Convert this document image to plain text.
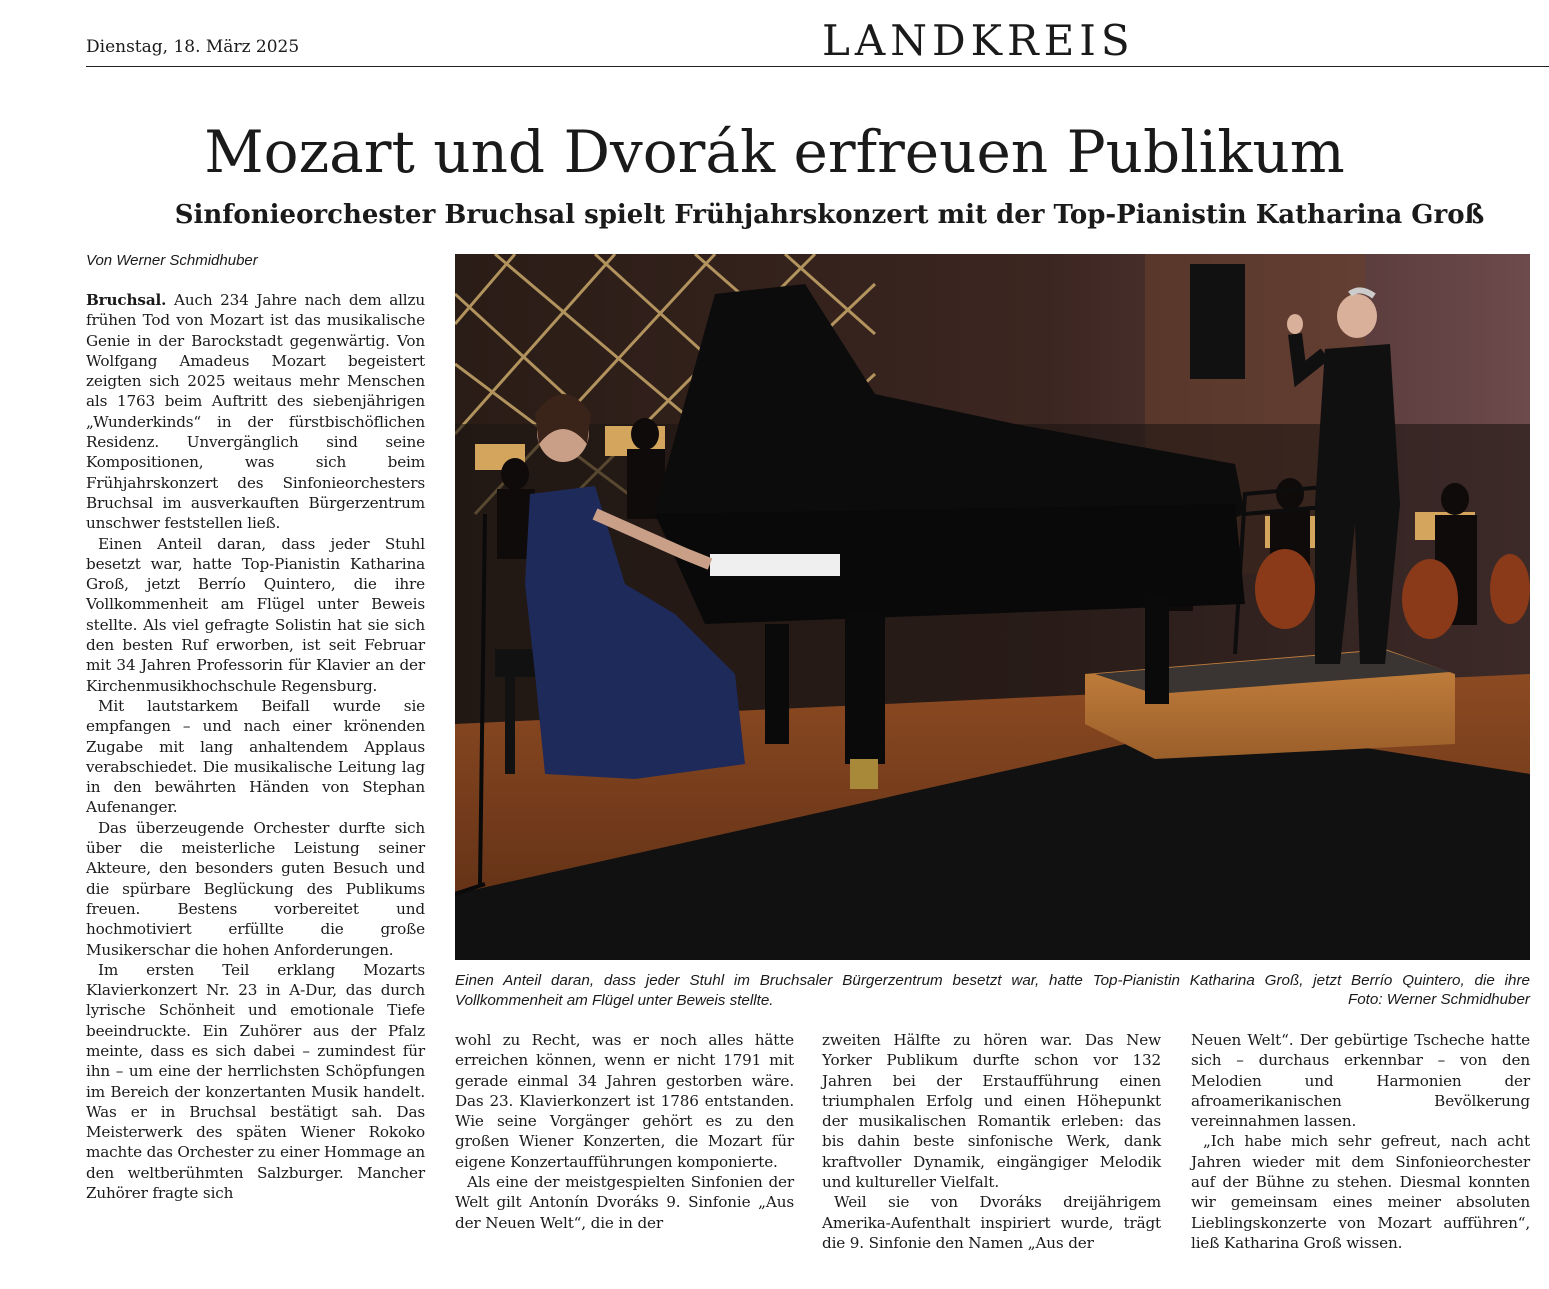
Dienstag, 18. März 2025	LANDKREIS
Mozart und Dvorák erfreuen Publikum
Sinfonieorchester Bruchsal spielt Frühjahrskonzert mit der Top-Pianistin Katharina Groß
Von Werner Schmidhuber

Bruchsal. Auch 234 Jahre nach dem allzu frühen Tod von Mozart ist das musikalische Genie in der Barockstadt gegenwärtig. Von Wolfgang Amadeus Mozart begeistert zeigten sich 2025 weitaus mehr Menschen als 1763 beim Auftritt des siebenjährigen „Wunderkinds“ in der fürstbischöflichen Residenz. Unvergänglich sind seine Kompositionen, was sich beim Frühjahrskonzert des Sinfonieorchesters Bruchsal im ausverkauften Bürgerzentrum unschwer feststellen ließ.

Einen Anteil daran, dass jeder Stuhl besetzt war, hatte Top-Pianistin Katharina Groß, jetzt Berrío Quintero, die ihre Vollkommenheit am Flügel unter Beweis stellte. Als viel gefragte Solistin hat sie sich den besten Ruf erworben, ist seit Februar mit 34 Jahren Professorin für Klavier an der Kirchenmusikhochschule Regensburg.

Mit lautstarkem Beifall wurde sie empfangen – und nach einer krönenden Zugabe mit lang anhaltendem Applaus verabschiedet. Die musikalische Leitung lag in den bewährten Händen von Stephan Aufenanger.

Das überzeugende Orchester durfte sich über die meisterliche Leistung seiner Akteure, den besonders guten Besuch und die spürbare Beglückung des Publikums freuen. Bestens vorbereitet und hochmotiviert erfüllte die große Musikerschar die hohen Anforderungen.

Im ersten Teil erklang Mozarts Klavierkonzert Nr. 23 in A-Dur, das durch lyrische Schönheit und emotionale Tiefe beeindruckte. Ein Zuhörer aus der Pfalz meinte, dass es sich dabei – zumindest für ihn – um eine der herrlichsten Schöpfungen im Bereich der konzertanten Musik handelt. Was er in Bruchsal bestätigt sah. Das Meisterwerk des späten Wiener Rokoko machte das Orchester zu einer Hommage an den weltberühmten Salzburger. Mancher Zuhörer fragte sich

Einen Anteil daran, dass jeder Stuhl im Bruchsaler Bürgerzentrum besetzt war, hatte Top-Pianistin Katharina Groß, jetzt Berrío Quintero, die ihre Vollkommenheit am Flügel unter Beweis stellte.	Foto: Werner Schmidhuber

wohl zu Recht, was er noch alles hätte erreichen können, wenn er nicht 1791 mit gerade einmal 34 Jahren gestorben wäre. Das 23. Klavierkonzert ist 1786 entstanden. Wie seine Vorgänger gehört es zu den großen Wiener Konzerten, die Mozart für eigene Konzertaufführungen komponierte.

Als eine der meistgespielten Sinfonien der Welt gilt Antonín Dvoráks 9. Sinfonie „Aus der Neuen Welt“, die in der

zweiten Hälfte zu hören war. Das New Yorker Publikum durfte schon vor 132 Jahren bei der Erstaufführung einen triumphalen Erfolg und einen Höhepunkt der musikalischen Romantik erleben: das bis dahin beste sinfonische Werk, dank kraftvoller Dynamik, eingängiger Melodik und kultureller Vielfalt.

Weil sie von Dvoráks dreijährigem Amerika-Aufenthalt inspiriert wurde, trägt die 9. Sinfonie den Namen „Aus der

Neuen Welt“. Der gebürtige Tscheche hatte sich – durchaus erkennbar – von den Melodien und Harmonien der afroamerikanischen Bevölkerung vereinnahmen lassen.

„Ich habe mich sehr gefreut, nach acht Jahren wieder mit dem Sinfonieorchester auf der Bühne zu stehen. Diesmal konnten wir gemeinsam eines meiner absoluten Lieblingskonzerte von Mozart aufführen“, ließ Katharina Groß wissen.
